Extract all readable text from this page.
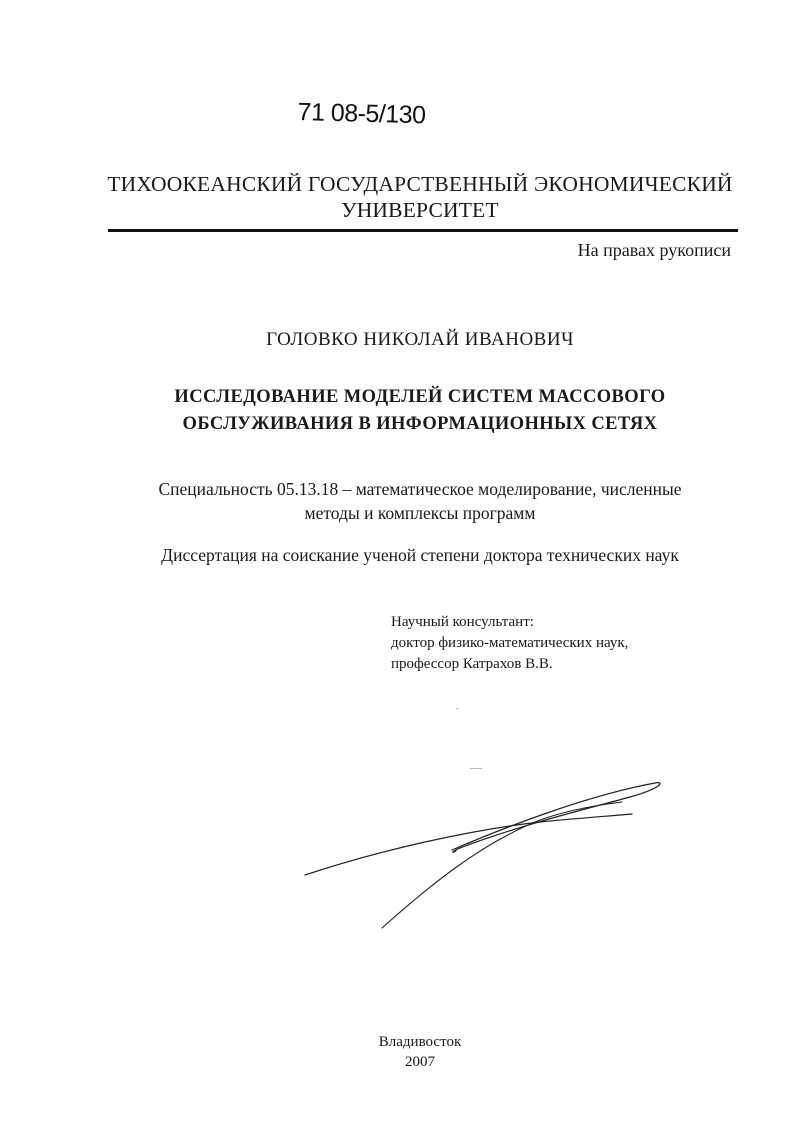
71 08-5/130
ТИХООКЕАНСКИЙ ГОСУДАРСТВЕННЫЙ ЭКОНОМИЧЕСКИЙ
УНИВЕРСИТЕТ
На правах рукописи
ГОЛОВКО НИКОЛАЙ ИВАНОВИЧ
ИССЛЕДОВАНИЕ МОДЕЛЕЙ СИСТЕМ МАССОВОГО
ОБСЛУЖИВАНИЯ В ИНФОРМАЦИОННЫХ СЕТЯХ
Специальность 05.13.18 – математическое моделирование, численные
методы и комплексы программ
Диссертация на соискание ученой степени доктора технических наук
Научный консультант:
доктор физико-математических наук,
профессор Катрахов В.В.
Владивосток
2007
